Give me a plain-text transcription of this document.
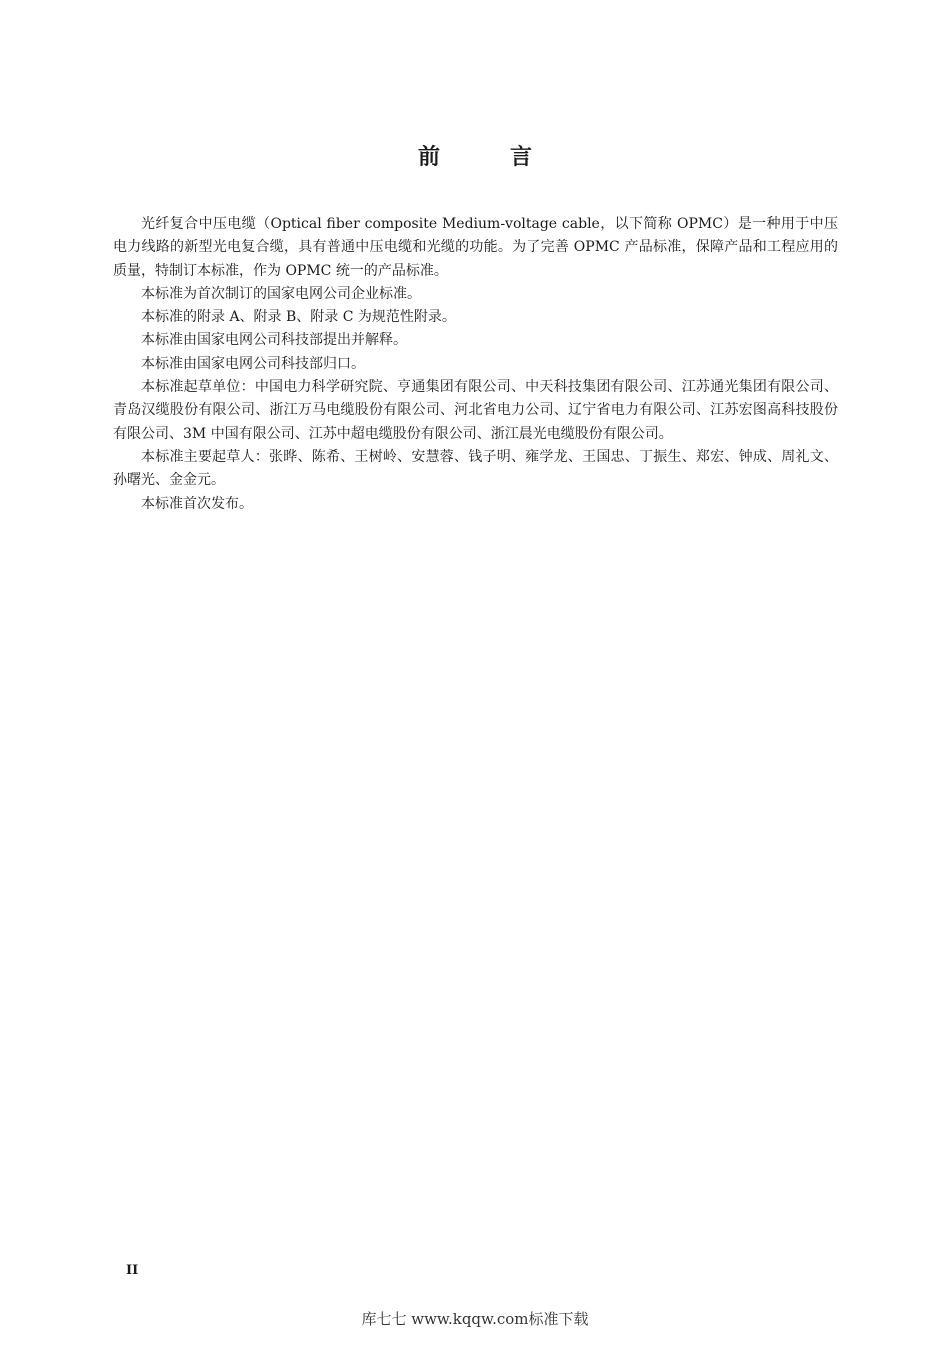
前言

光纤复合中压电缆（Optical fiber composite Medium-voltage cable，以下简称 OPMC）是一种用于中压电力线路的新型光电复合缆，具有普通中压电缆和光缆的功能。为了完善 OPMC 产品标准，保障产品和工程应用的质量，特制订本标准，作为 OPMC 统一的产品标准。

本标准为首次制订的国家电网公司企业标准。

本标准的附录 A、附录 B、附录 C 为规范性附录。

本标准由国家电网公司科技部提出并解释。

本标准由国家电网公司科技部归口。

本标准起草单位：中国电力科学研究院、亨通集团有限公司、中天科技集团有限公司、江苏通光集团有限公司、青岛汉缆股份有限公司、浙江万马电缆股份有限公司、河北省电力公司、辽宁省电力有限公司、江苏宏图高科技股份有限公司、3M 中国有限公司、江苏中超电缆股份有限公司、浙江晨光电缆股份有限公司。

本标准主要起草人：张晔、陈希、王树岭、安慧蓉、钱子明、雍学龙、王国忠、丁振生、郑宏、钟成、周礼文、孙曙光、金金元。

本标准首次发布。

II
库七七 www.kqqw.com标准下载
